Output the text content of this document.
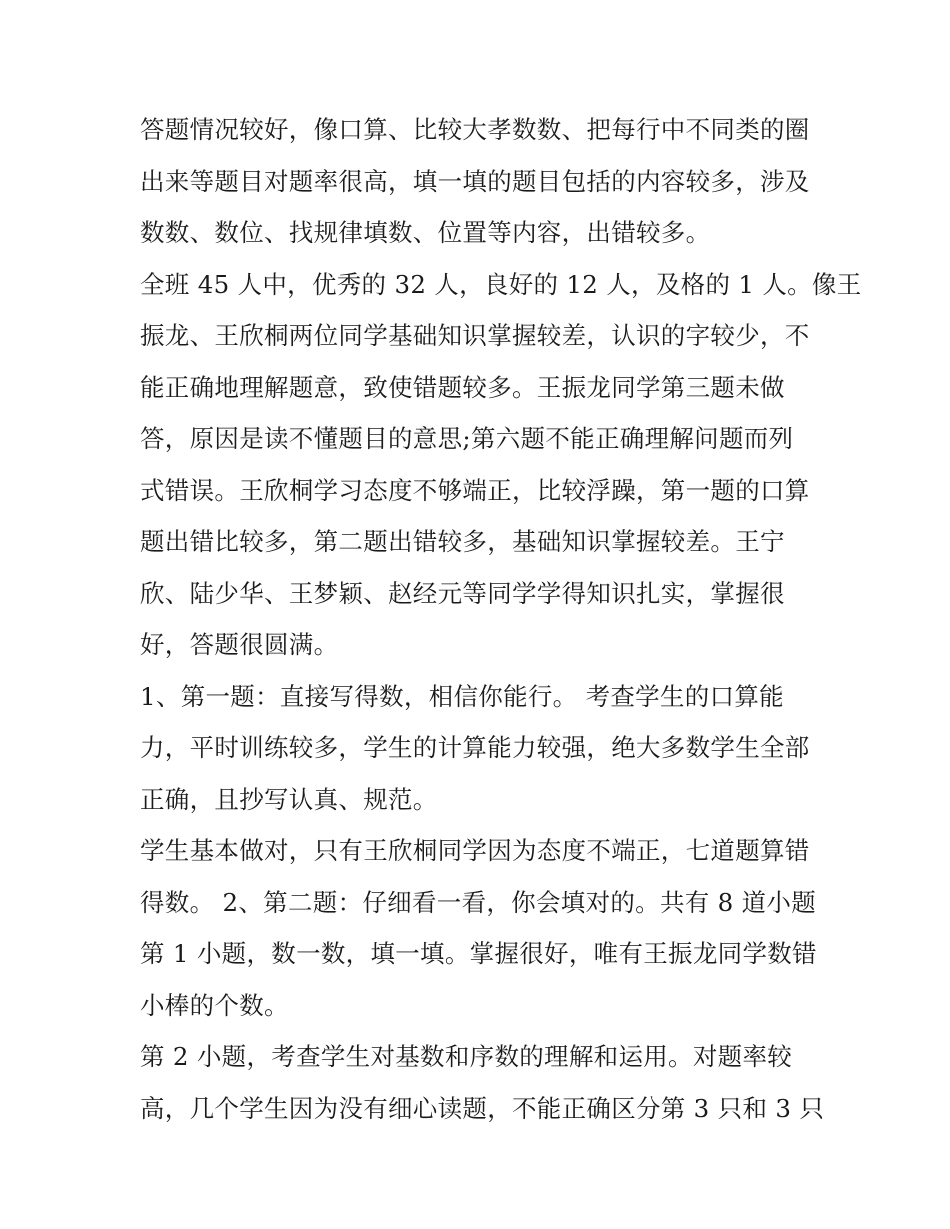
答题情况较好，像口算、比较大孝数数、把每行中不同类的圈
出来等题目对题率很高，填一填的题目包括的内容较多，涉及
数数、数位、找规律填数、位置等内容，出错较多。
全班 45 人中，优秀的 32 人，良好的 12 人，及格的 1 人。像王
振龙、王欣桐两位同学基础知识掌握较差，认识的字较少，不
能正确地理解题意，致使错题较多。王振龙同学第三题未做
答，原因是读不懂题目的意思;第六题不能正确理解问题而列
式错误。王欣桐学习态度不够端正，比较浮躁，第一题的口算
题出错比较多，第二题出错较多，基础知识掌握较差。王宁
欣、陆少华、王梦颖、赵经元等同学学得知识扎实，掌握很
好，答题很圆满。
1、第一题：直接写得数，相信你能行。 考查学生的口算能
力，平时训练较多，学生的计算能力较强，绝大多数学生全部
正确，且抄写认真、规范。
学生基本做对，只有王欣桐同学因为态度不端正，七道题算错
得数。 2、第二题：仔细看一看，你会填对的。共有 8 道小题
第 1 小题，数一数，填一填。掌握很好，唯有王振龙同学数错
小棒的个数。
第 2 小题，考查学生对基数和序数的理解和运用。对题率较
高，几个学生因为没有细心读题，不能正确区分第 3 只和 3 只
